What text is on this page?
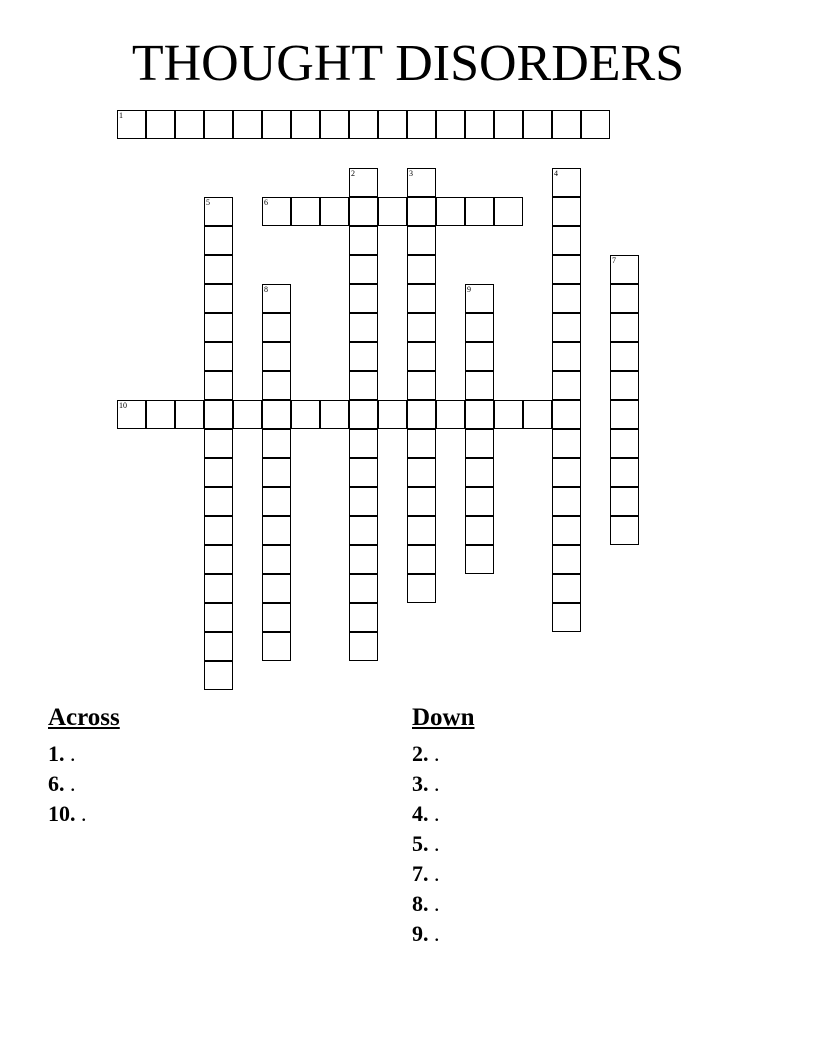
THOUGHT DISORDERS
1
6
10
2	3	4
5
7
8	9
Across
1. .
6. .
10. .
Down
2. .
3. .
4. .
5. .
7. .
8. .
9. .
